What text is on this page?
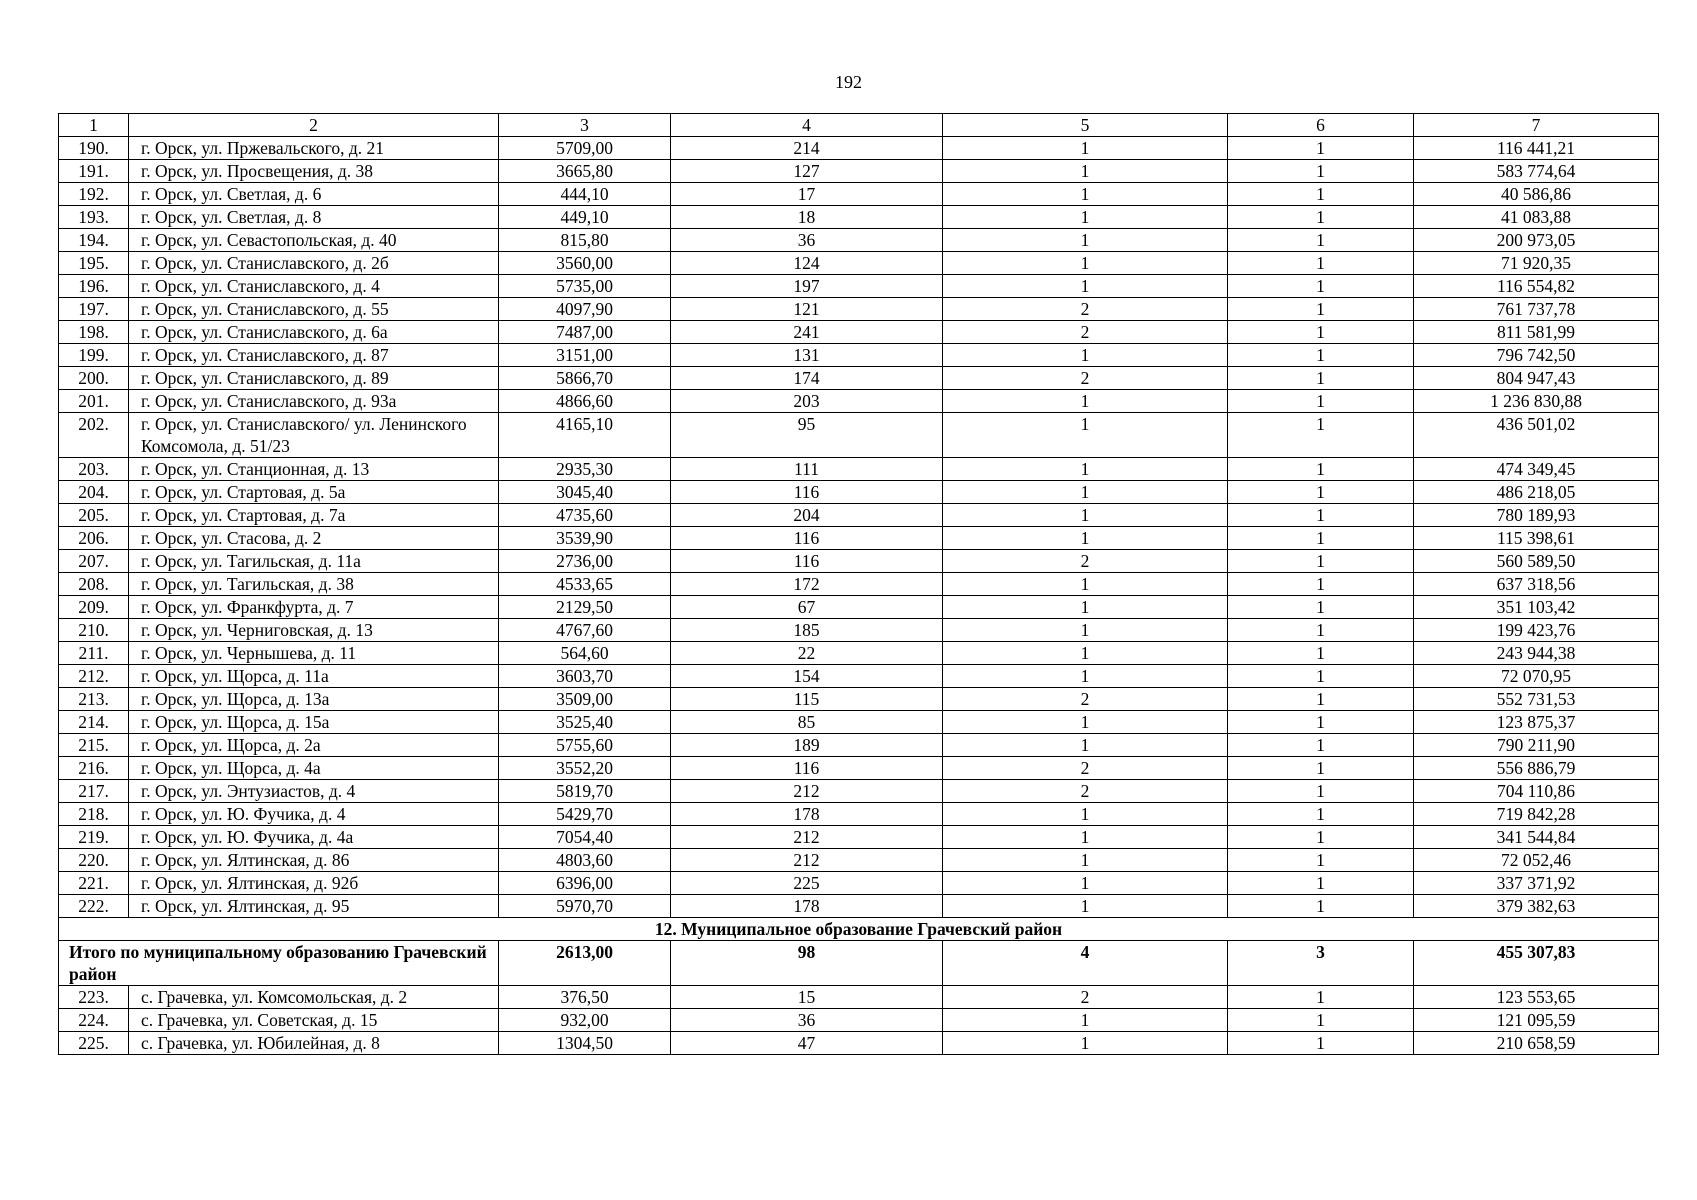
192
1	2	3	4	5	6	7
190.	г. Орск, ул. Пржевальского, д. 21	5709,00	214	1	1	116 441,21
191.	г. Орск, ул. Просвещения, д. 38	3665,80	127	1	1	583 774,64
192.	г. Орск, ул. Светлая, д. 6	444,10	17	1	1	40 586,86
193.	г. Орск, ул. Светлая, д. 8	449,10	18	1	1	41 083,88
194.	г. Орск, ул. Севастопольская, д. 40	815,80	36	1	1	200 973,05
195.	г. Орск, ул. Станиславского, д. 2б	3560,00	124	1	1	71 920,35
196.	г. Орск, ул. Станиславского, д. 4	5735,00	197	1	1	116 554,82
197.	г. Орск, ул. Станиславского, д. 55	4097,90	121	2	1	761 737,78
198.	г. Орск, ул. Станиславского, д. 6а	7487,00	241	2	1	811 581,99
199.	г. Орск, ул. Станиславского, д. 87	3151,00	131	1	1	796 742,50
200.	г. Орск, ул. Станиславского, д. 89	5866,70	174	2	1	804 947,43
201.	г. Орск, ул. Станиславского, д. 93а	4866,60	203	1	1	1 236 830,88
202.	г. Орск, ул. Станиславского/ ул. Ленинского Комсомола, д. 51/23	4165,10	95	1	1	436 501,02
203.	г. Орск, ул. Станционная, д. 13	2935,30	111	1	1	474 349,45
204.	г. Орск, ул. Стартовая, д. 5а	3045,40	116	1	1	486 218,05
205.	г. Орск, ул. Стартовая, д. 7а	4735,60	204	1	1	780 189,93
206.	г. Орск, ул. Стасова, д. 2	3539,90	116	1	1	115 398,61
207.	г. Орск, ул. Тагильская, д. 11а	2736,00	116	2	1	560 589,50
208.	г. Орск, ул. Тагильская, д. 38	4533,65	172	1	1	637 318,56
209.	г. Орск, ул. Франкфурта, д. 7	2129,50	67	1	1	351 103,42
210.	г. Орск, ул. Черниговская, д. 13	4767,60	185	1	1	199 423,76
211.	г. Орск, ул. Чернышева, д. 11	564,60	22	1	1	243 944,38
212.	г. Орск, ул. Щорса, д. 11а	3603,70	154	1	1	72 070,95
213.	г. Орск, ул. Щорса, д. 13а	3509,00	115	2	1	552 731,53
214.	г. Орск, ул. Щорса, д. 15а	3525,40	85	1	1	123 875,37
215.	г. Орск, ул. Щорса, д. 2а	5755,60	189	1	1	790 211,90
216.	г. Орск, ул. Щорса, д. 4а	3552,20	116	2	1	556 886,79
217.	г. Орск, ул. Энтузиастов, д. 4	5819,70	212	2	1	704 110,86
218.	г. Орск, ул. Ю. Фучика, д. 4	5429,70	178	1	1	719 842,28
219.	г. Орск, ул. Ю. Фучика, д. 4а	7054,40	212	1	1	341 544,84
220.	г. Орск, ул. Ялтинская, д. 86	4803,60	212	1	1	72 052,46
221.	г. Орск, ул. Ялтинская, д. 92б	6396,00	225	1	1	337 371,92
222.	г. Орск, ул. Ялтинская, д. 95	5970,70	178	1	1	379 382,63
12. Муниципальное образование Грачевский район						
Итого по муниципальному образованию Грачевский район		2613,00	98	4	3	455 307,83
223.	с. Грачевка, ул. Комсомольская, д. 2	376,50	15	2	1	123 553,65
224.	с. Грачевка, ул. Советская, д. 15	932,00	36	1	1	121 095,59
225.	с. Грачевка, ул. Юбилейная, д. 8	1304,50	47	1	1	210 658,59
